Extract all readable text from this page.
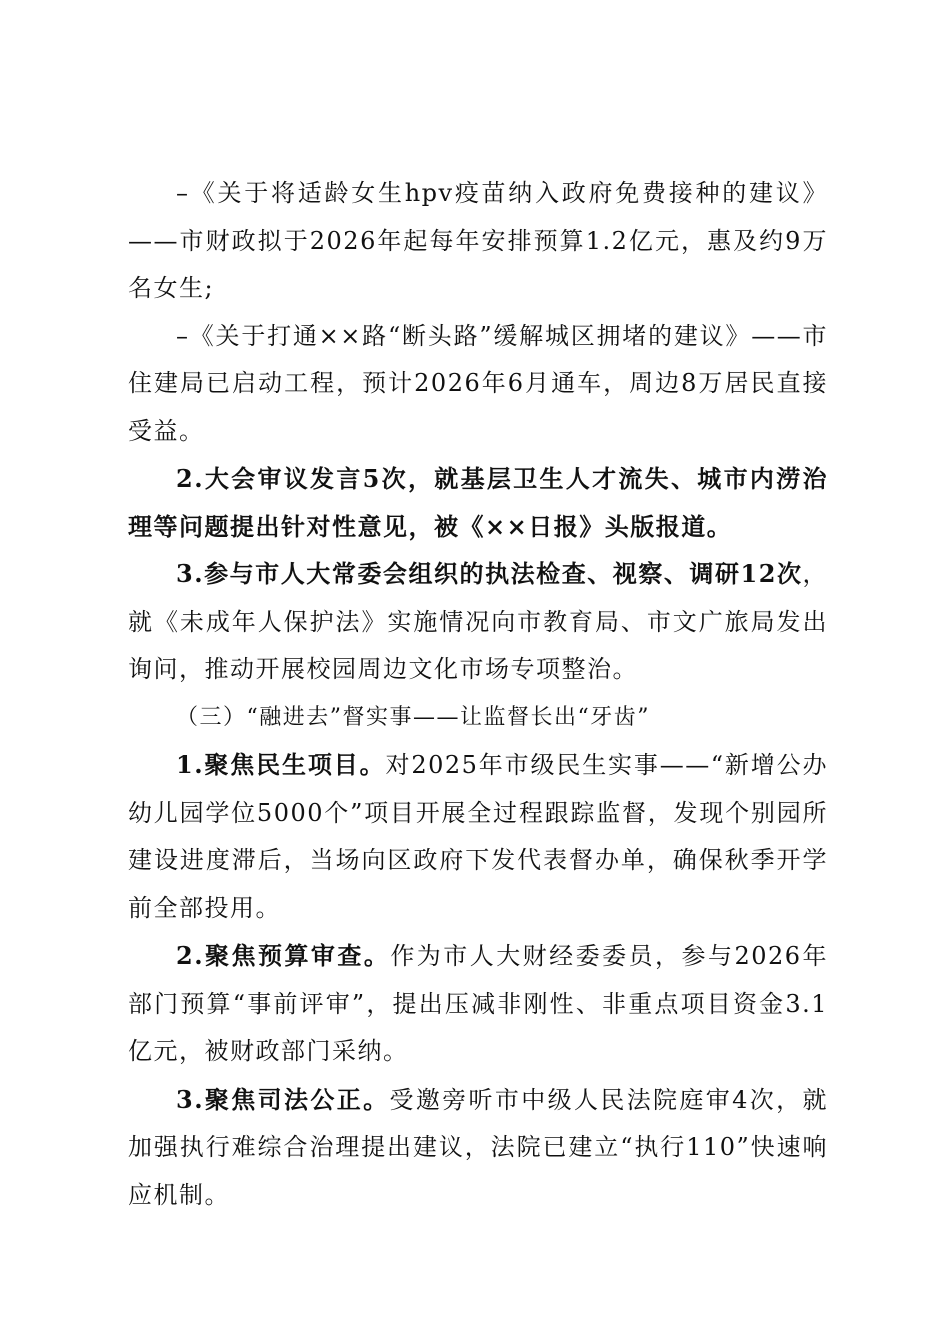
–《关于将适龄女生hpv疫苗纳入政府免费接种的建议》——市财政拟于2026年起每年安排预算1.2亿元，惠及约9万名女生;

–《关于打通××路“断头路”缓解城区拥堵的建议》——市住建局已启动工程，预计2026年6月通车，周边8万居民直接受益。

2.大会审议发言5次，就基层卫生人才流失、城市内涝治理等问题提出针对性意见，被《××日报》头版报道。

3.参与市人大常委会组织的执法检查、视察、调研12次，就《未成年人保护法》实施情况向市教育局、市文广旅局发出询问，推动开展校园周边文化市场专项整治。

（三）“融进去”督实事——让监督长出“牙齿”

1.聚焦民生项目。对2025年市级民生实事——“新增公办幼儿园学位5000个”项目开展全过程跟踪监督，发现个别园所建设进度滞后，当场向区政府下发代表督办单，确保秋季开学前全部投用。

2.聚焦预算审查。作为市人大财经委委员，参与2026年部门预算“事前评审”，提出压减非刚性、非重点项目资金3.1亿元，被财政部门采纳。

3.聚焦司法公正。受邀旁听市中级人民法院庭审4次，就加强执行难综合治理提出建议，法院已建立“执行110”快速响应机制。
